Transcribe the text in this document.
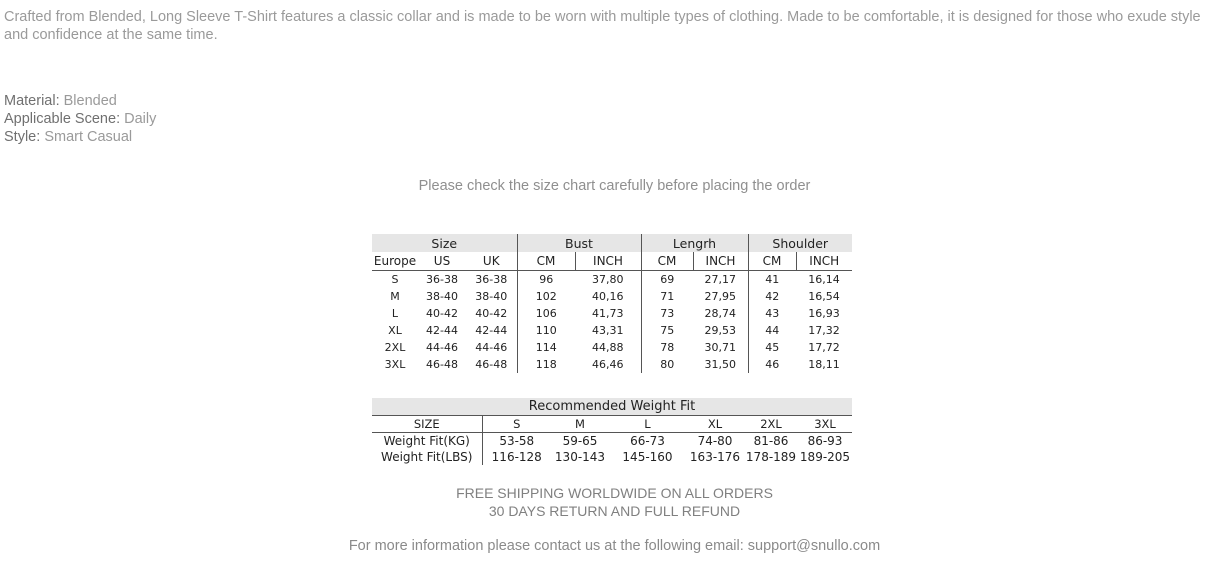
Crafted from Blended, Long Sleeve T-Shirt features a classic collar and is made to be worn with multiple types of clothing. Made to be comfortable, it is designed for those who exude style and confidence at the same time.
Material: Blended
Applicable Scene: Daily
Style: Smart Casual
Please check the size chart carefully before placing the order
Size			Bust		Lengrh		Shoulder	
Europe	US	UK	CM	INCH	CM	INCH	CM	INCH
S	36-38	36-38	96	37,80	69	27,17	41	16,14
M	38-40	38-40	102	40,16	71	27,95	42	16,54
L	40-42	40-42	106	41,73	73	28,74	43	16,93
XL	42-44	42-44	110	43,31	75	29,53	44	17,32
2XL	44-46	44-46	114	44,88	78	30,71	45	17,72
3XL	46-48	46-48	118	46,46	80	31,50	46	18,11
Recommended Weight Fit						
SIZE	S	M	L	XL	2XL	3XL
Weight Fit(KG)	53-58	59-65	66-73	74-80	81-86	86-93
Weight Fit(LBS)	116-128	130-143	145-160	163-176	178-189	189-205
FREE SHIPPING WORLDWIDE ON ALL ORDERS
30 DAYS RETURN AND FULL REFUND
For more information please contact us at the following email: support@snullo.com
